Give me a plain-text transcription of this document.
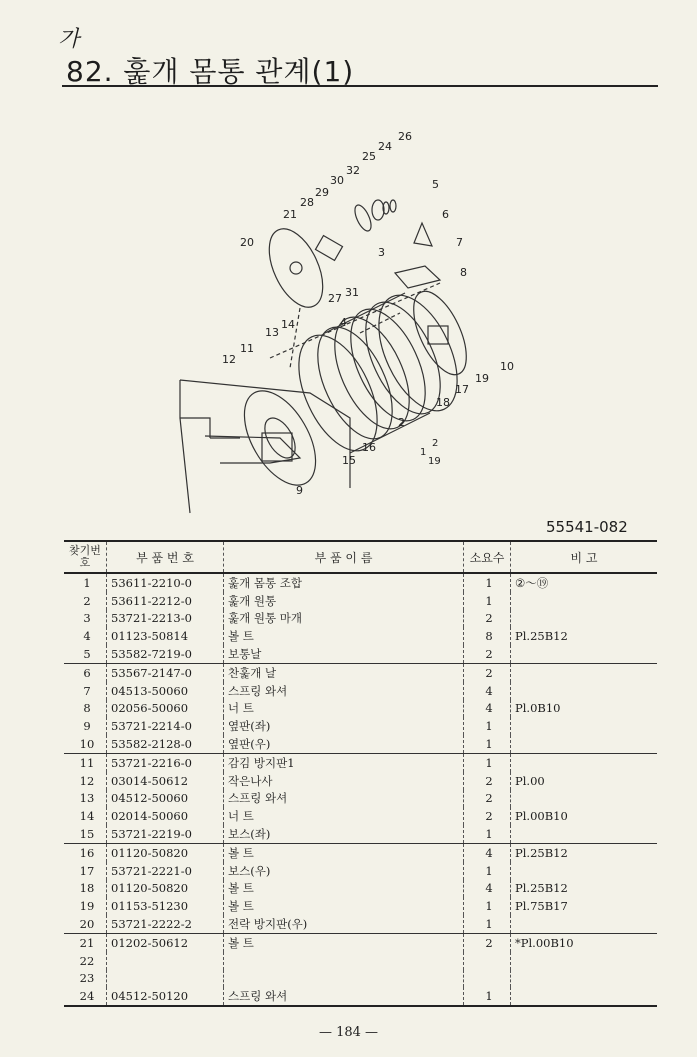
가
82. 훑개 몸통 관계(1)
26
24
25
32
30
29
28
21
20
5
6
7
8
3
31
27
4
13
14
11
12
10
19
17
18
2
16
15
9
2
19
1
55541-082
찾기번호	부 품 번 호	부 품 이 름	소요수	비 고
1	53611-2210-0	훑개 몸통 조합	1	②～⑲
2	53611-2212-0	훑개 원통	1	
3	53721-2213-0	훑개 원통 마개	2	
4	01123-50814	볼 트	8	Pl.25B12
5	53582-7219-0	보통날	2	
6	53567-2147-0	찬훑개 날	2	
7	04513-50060	스프링 와셔	4	
8	02056-50060	너 트	4	Pl.0B10
9	53721-2214-0	옆판(좌)	1	
10	53582-2128-0	옆판(우)	1	
11	53721-2216-0	감김 방지판1	1	
12	03014-50612	작은나사	2	Pl.00
13	04512-50060	스프링 와셔	2	
14	02014-50060	너 트	2	Pl.00B10
15	53721-2219-0	보스(좌)	1	
16	01120-50820	볼 트	4	Pl.25B12
17	53721-2221-0	보스(우)	1	
18	01120-50820	볼 트	4	Pl.25B12
19	01153-51230	볼 트	1	Pl.75B17
20	53721-2222-2	전락 방지판(우)	1	
21	01202-50612	볼 트	2	*Pl.00B10
22				
23				
24	04512-50120	스프링 와셔	1	
— 184 —
